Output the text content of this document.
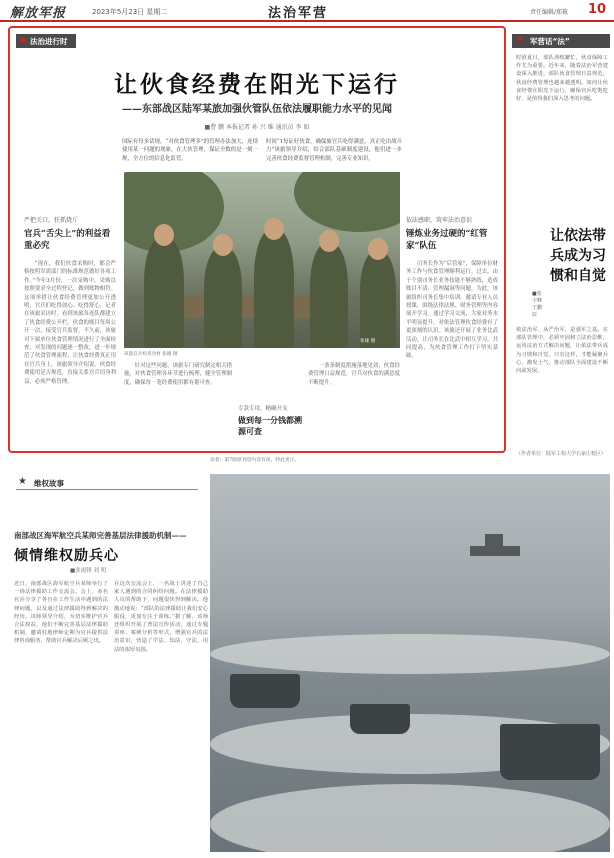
解放军报	2023年5月23日 星期二	法治军营	责任编辑/郑筱 10
法治进行时
让伙食经费在阳光下运行
——东部战区陆军某旅加强伙管队伍依法履职能力水平的见闻
■曹 鹏 本报记者 孙 兴 维 通讯员 李 如
国际有每多话规，“对伙食管理多”的管理办法加大，连续使用某一问题的现象，在大伙管理，保证全数的是一刻一规，全方位的信息化监管。
时间“1每证好伙食，确保旅官兵吃得满意，真正吃出战斗力”该旅领导介绍，结合部队基础制度建设，他们进一步完善伙食经费监督管理机制，完善专业知识。
严把关口，狂抓烧斤
官兵“舌尖上”的利益看重必究

“现在，我们伙食采购时，都会严格按照军需部门的标准规范做好各项工作。”今年3月份，一次采购中，采购员按照要求全过程登记，做到账物相符。这项举措让伙食经费管理更加公开透明，官兵们吃得放心、吃得舒心。记者在该旅采访时，看到该旅各连队都建立了伙食经费公开栏，伙食的账目每周公开一次，接受官兵监督。不久前，该旅对下属单位伙食管理情况进行了全面检查，对发现的问题逐一整改，进一步规范了伙食管理流程，让伙食经费真正用在官兵身上。该旅领导介绍说，伙食经费使用是否规范，直接关系官兵切身利益，必须严格管理。

依法感职，筑牢法治意识
锤炼业务过硬的“红管家”队伍

司务长作为“后管家”，保障单位财务工作与伙食管理顺利运行。过去，由于个别司务长业务技能不够熟练，造成账目不清、管理漏洞等问题。为此，该旅组织司务长集中培训，邀请专业人员授课，围绕法律法规、财务管理等内容展开学习。通过学习交流，大家业务水平明显提升，对依法管理伙食经费有了更深刻的认识。该旅还开展了业务比武活动，让司务长在比武中相互学习，共同提高，为伙食管理工作打下坚实基础。

张雄 摄
该旅官兵检查食材 张雄 摄

针对这些问题，该旅专门研究制定相关措施，对伙食管理各环节进行梳理，健全管理制度，确保每一笔经费使用都有据可查。

专款专用，精确开支
做到每一分钱都溯源可查

一条条制度措施落地见效，伙食经费管理日益规范，官兵对伙食的满意度不断提升。

★ 军营话“法”
时值夏日，部队训练繁忙，伙食保障工作尤为重要。近年来，随着法治军营建设深入推进，部队伙食管理日益规范，伙食经费管理也越来越透明。如何让伙食经费在阳光下运行，确保官兵吃饱吃好，是值得我们深入思考的问题。
让依法带兵成为习惯和自觉
■张宇峰 王鹏辰
依法治军、从严治军，是强军之基。在部队管理中，必须牢固树立法治思维，运用法治方式解决问题，让依法带兵成为习惯和自觉。只有这样，才能凝聚兵心、激发士气，推动部队全面建设不断向前发展。
（作者单位：陆军工程大学石家庄校区）
读者：第7版原刊登内容有误，特此更正。
★ 维权故事
南部战区海军航空兵某师完善基层法律援助机制——
倾情维权励兵心
■张雨锋 刘 明
近日，南部战区海军航空兵某师举行了一场法律援助工作交流会。会上，多名官兵分享了各自在工作生活中遇到的法律问题，以及通过法律援助得到解决的经历。该师领导介绍，为切实维护官兵合法权益，他们不断完善基层法律援助机制，邀请驻地律师定期为官兵提供法律咨询服务，帮助官兵解决后顾之忧。
在这次交流会上，一名战士讲述了自己家人遇到的合同纠纷问题。在法律援助人员的帮助下，问题很快得到解决。他激动地说：“部队的法律援助让我们安心服役，更加专注于训练。”据了解，该师还组织开展了普法宣传活动，通过专题讲座、案例分析等形式，增强官兵的法治意识，营造了学法、知法、守法、用法的浓厚氛围。
